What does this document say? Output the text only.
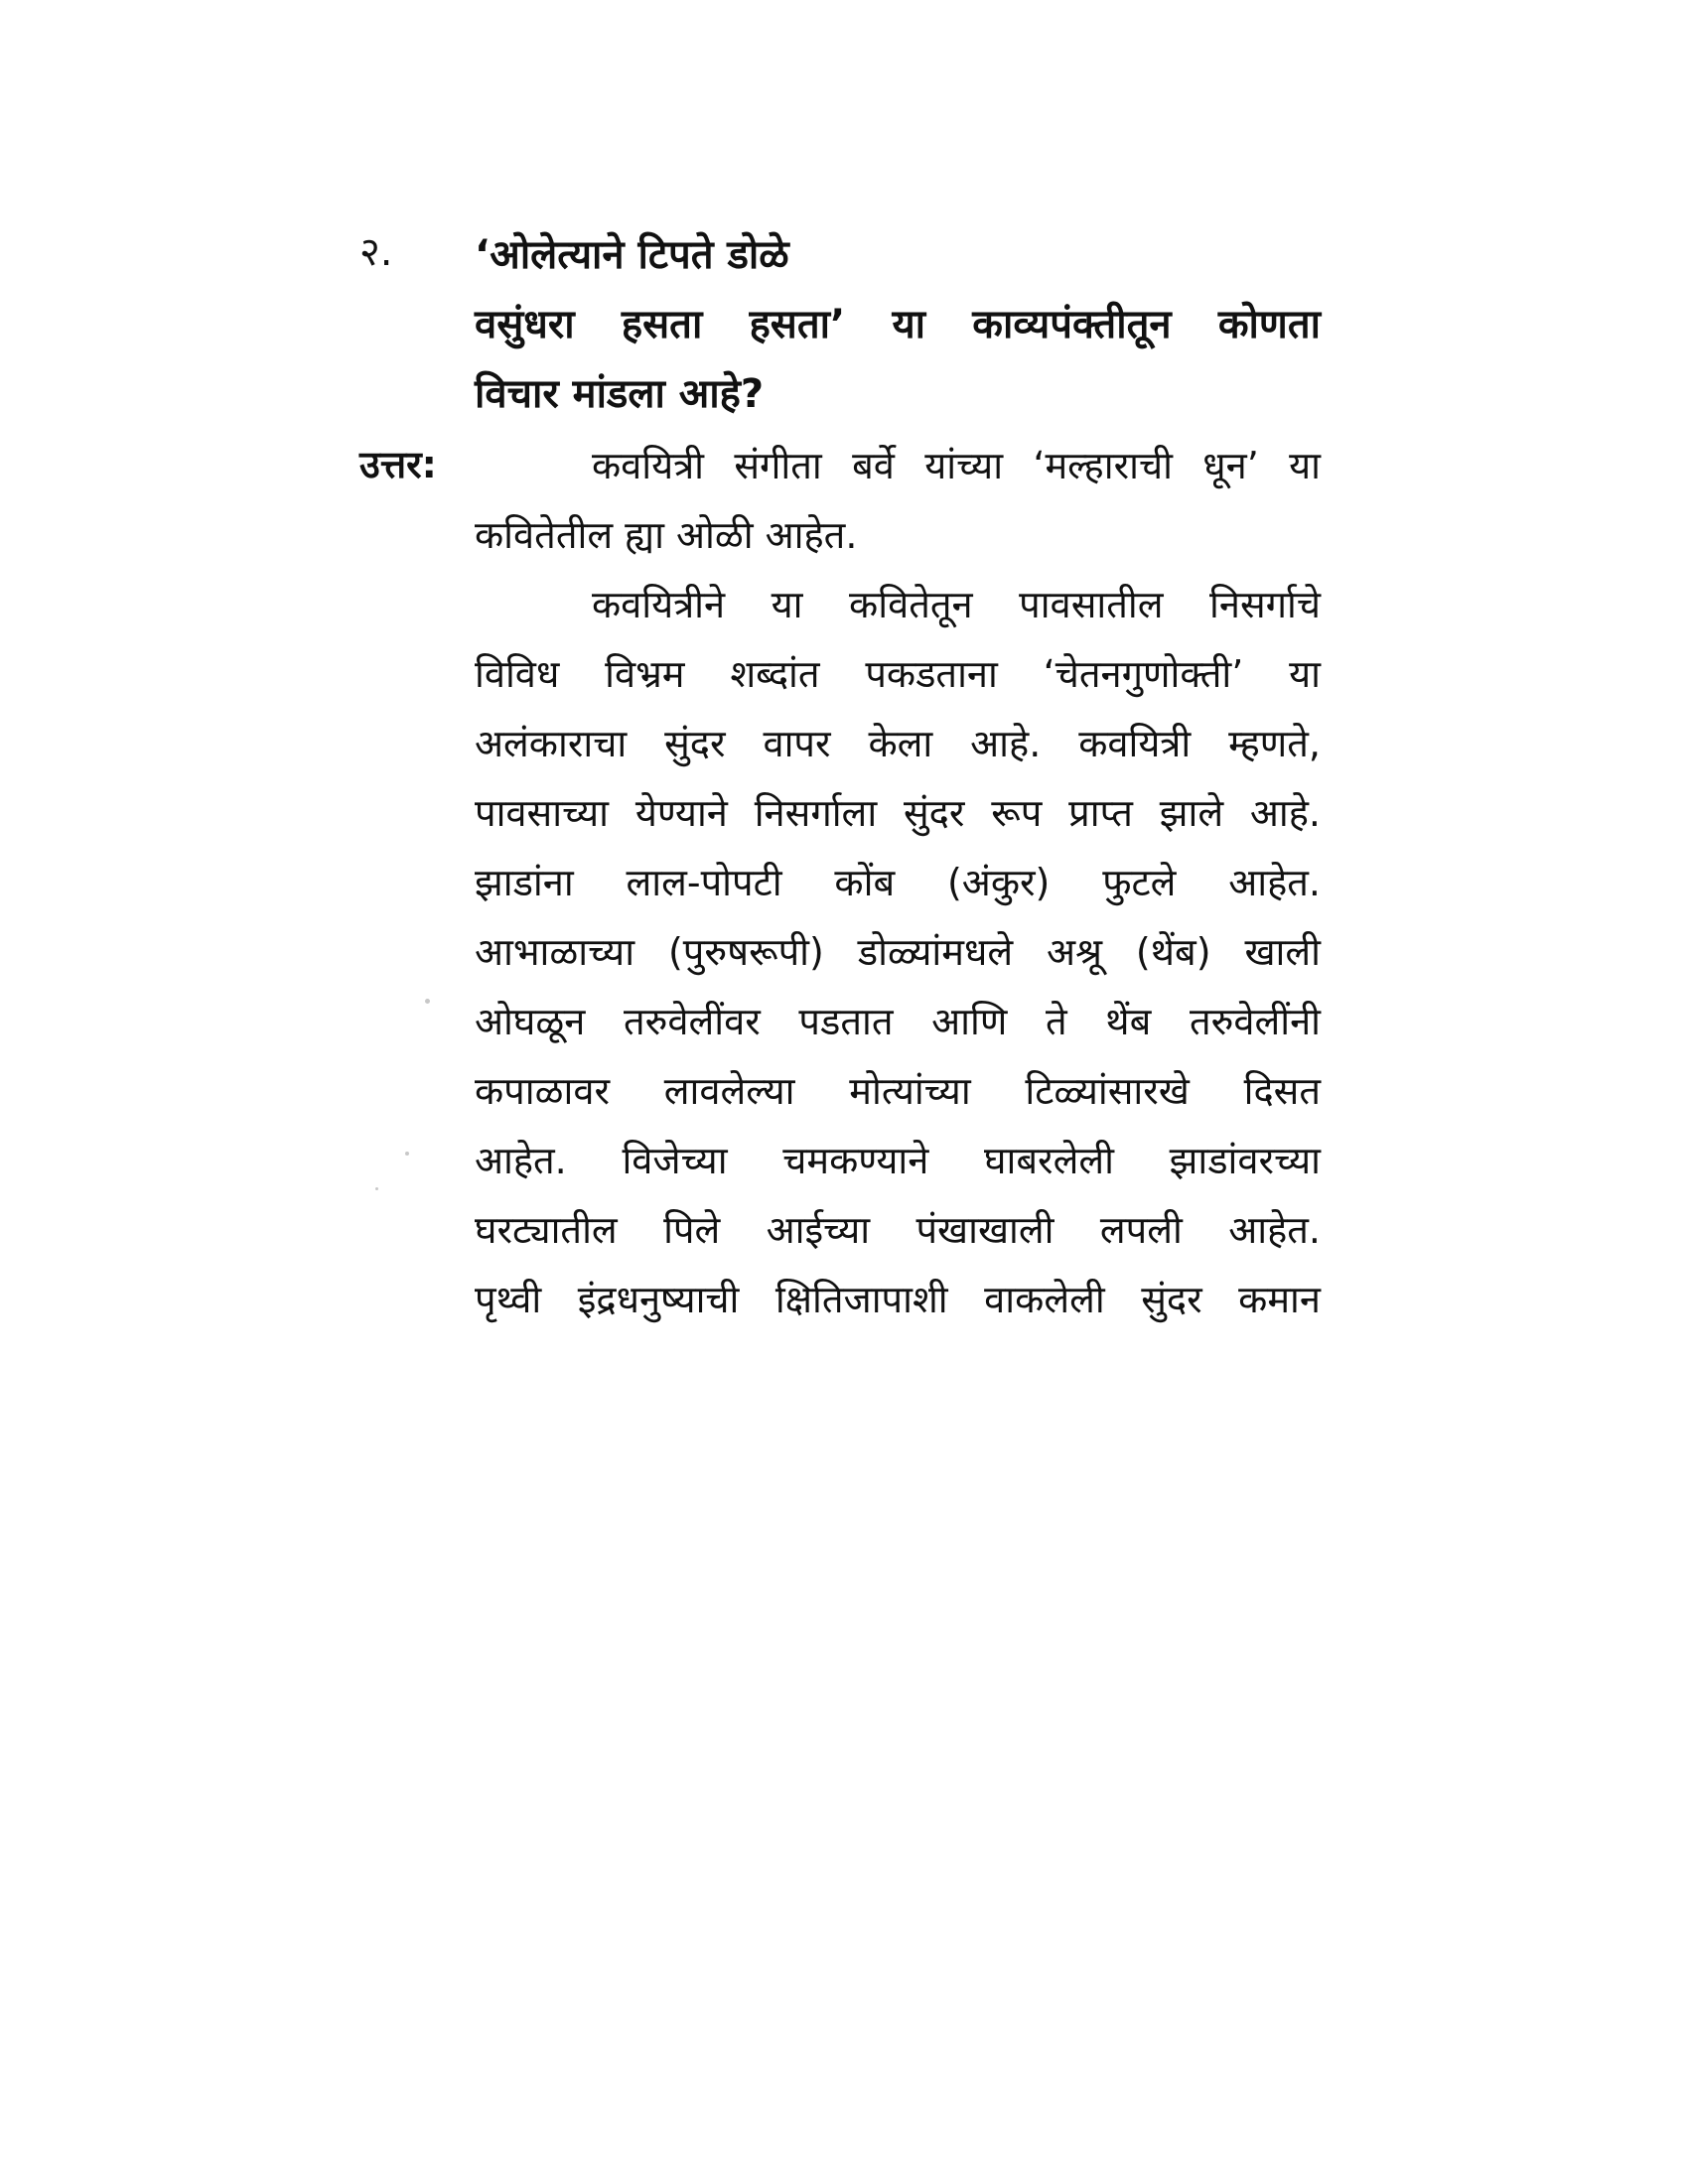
२. ‘ओलेत्याने टिपते डोळे
वसुंधरा हसता हसता’ या काव्यपंक्तीतून कोणता
विचार मांडला आहे?
उत्तर:	कवयित्री संगीता बर्वे यांच्या ‘मल्हाराची धून’ या
कवितेतील ह्या ओळी आहेत.
कवयित्रीने या कवितेतून पावसातील निसर्गाचे
विविध विभ्रम शब्दांत पकडताना ‘चेतनगुणोक्ती’ या
अलंकाराचा सुंदर वापर केला आहे. कवयित्री म्हणते,
पावसाच्या येण्याने निसर्गाला सुंदर रूप प्राप्त झाले आहे.
झाडांना लाल-पोपटी कोंब (अंकुर) फुटले आहेत.
आभाळाच्या (पुरुषरूपी) डोळ्यांमधले अश्रू (थेंब) खाली
ओघळून तरुवेलींवर पडतात आणि ते थेंब तरुवेलींनी
कपाळावर लावलेल्या मोत्यांच्या टिळ्यांसारखे दिसत
आहेत. विजेच्या चमकण्याने घाबरलेली झाडांवरच्या
घरट्यातील पिले आईच्या पंखाखाली लपली आहेत.
पृथ्वी इंद्रधनुष्याची क्षितिजापाशी वाकलेली सुंदर कमान
